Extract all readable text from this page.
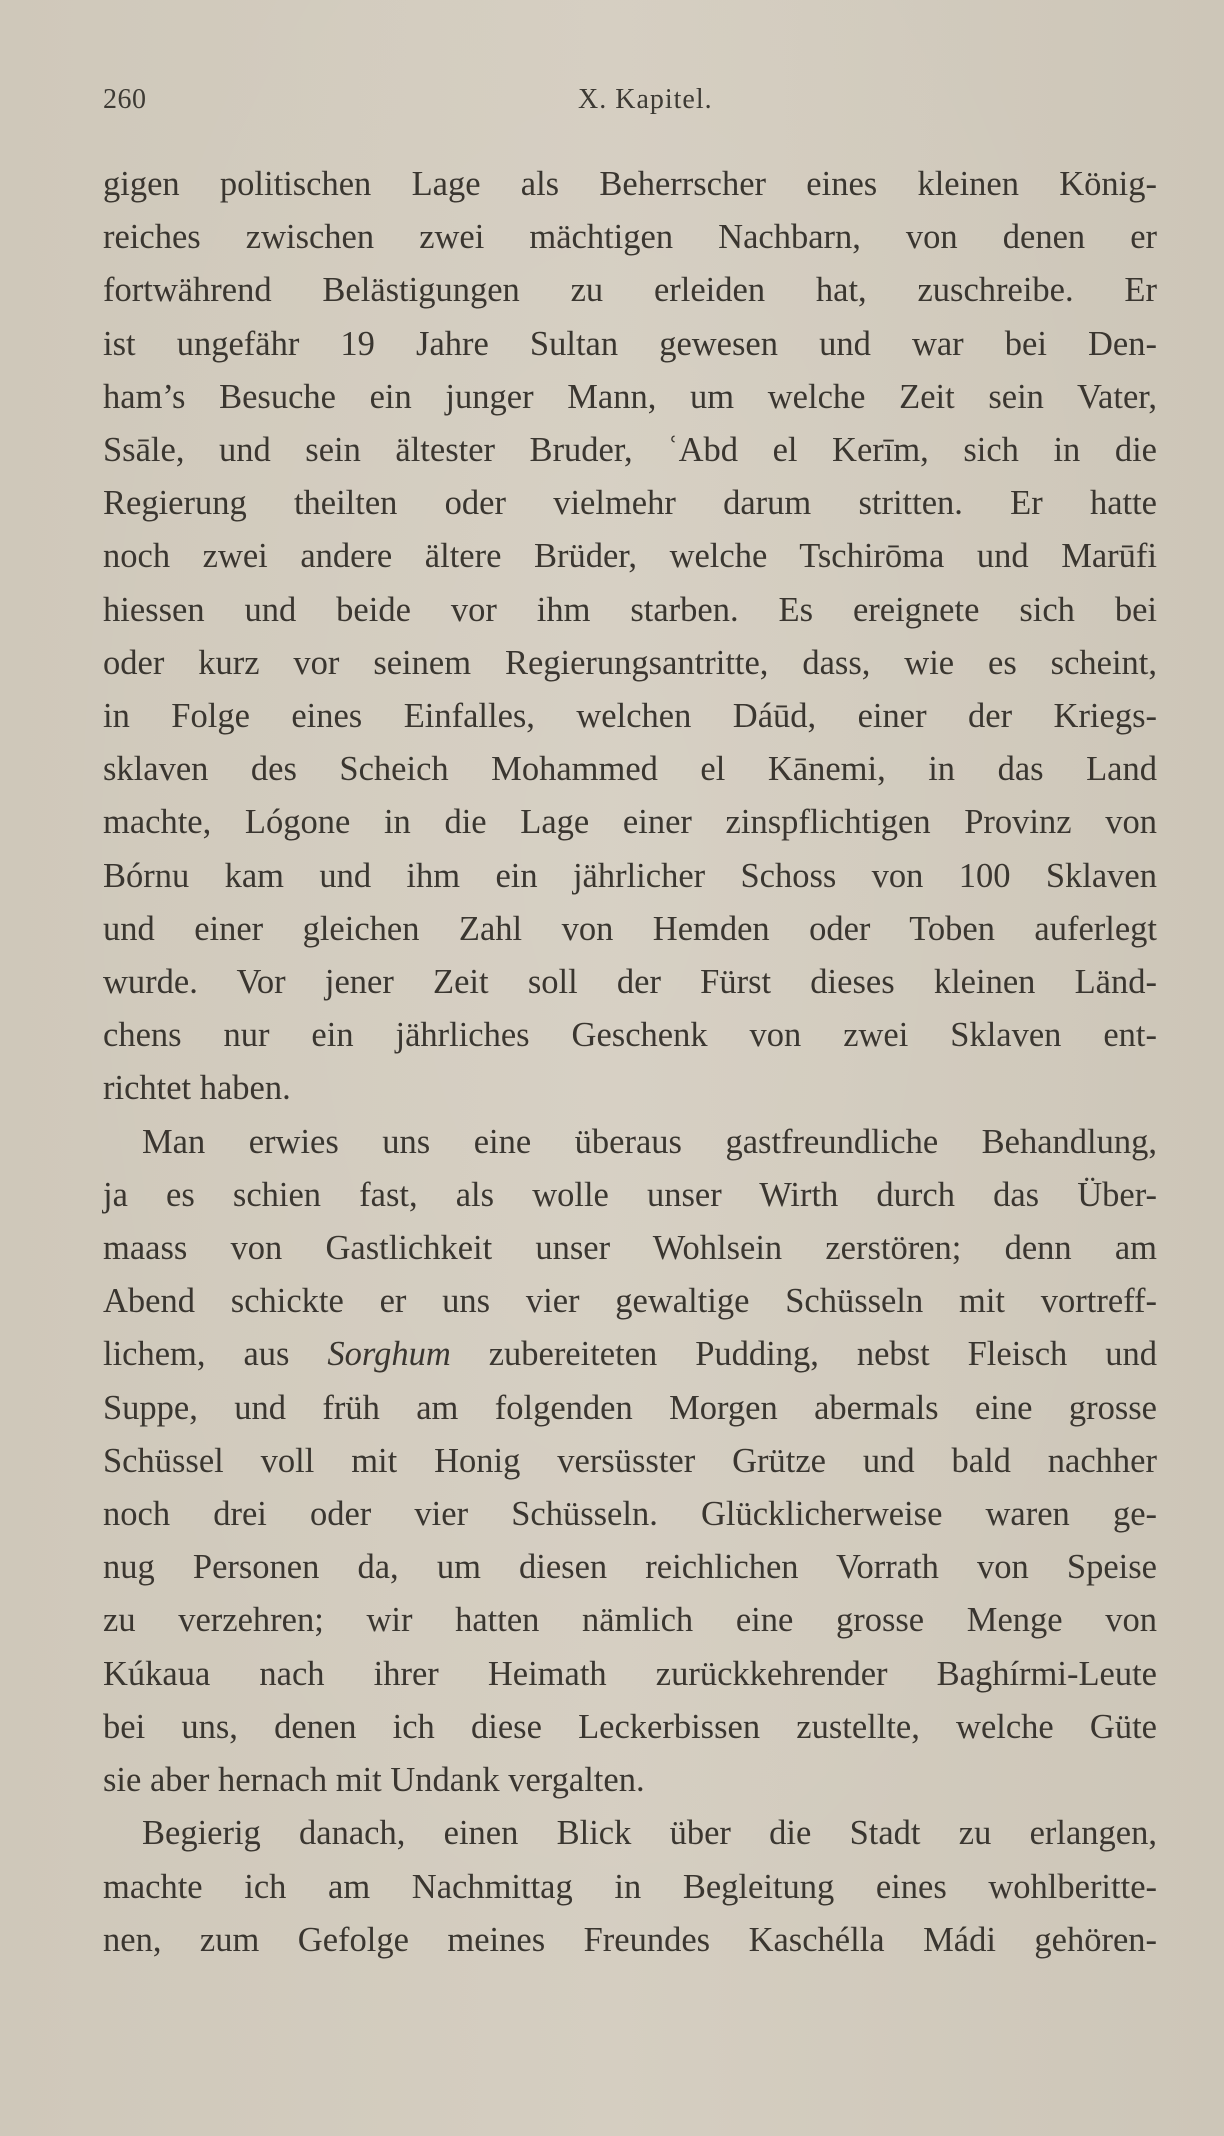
260	X. Kapitel.
gigen politischen Lage als Beherrscher eines kleinen König-
reiches zwischen zwei mächtigen Nachbarn, von denen er
fortwährend Belästigungen zu erleiden hat, zuschreibe. Er
ist ungefähr 19 Jahre Sultan gewesen und war bei Den-
ham’s Besuche ein junger Mann, um welche Zeit sein Vater,
Ssāle, und sein ältester Bruder, ʿAbd el Kerīm, sich in die
Regierung theilten oder vielmehr darum stritten. Er hatte
noch zwei andere ältere Brüder, welche Tschirōma und Marūfi
hiessen und beide vor ihm starben. Es ereignete sich bei
oder kurz vor seinem Regierungsantritte, dass, wie es scheint,
in Folge eines Einfalles, welchen Dáūd, einer der Kriegs-
sklaven des Scheich Mohammed el Kānemi, in das Land
machte, Lógone in die Lage einer zinspflichtigen Provinz von
Bórnu kam und ihm ein jährlicher Schoss von 100 Sklaven
und einer gleichen Zahl von Hemden oder Toben auferlegt
wurde. Vor jener Zeit soll der Fürst dieses kleinen Länd-
chens nur ein jährliches Geschenk von zwei Sklaven ent-
richtet haben.
Man erwies uns eine überaus gastfreundliche Behandlung,
ja es schien fast, als wolle unser Wirth durch das Über-
maass von Gastlichkeit unser Wohlsein zerstören; denn am
Abend schickte er uns vier gewaltige Schüsseln mit vortreff-
lichem, aus Sorghum zubereiteten Pudding, nebst Fleisch und
Suppe, und früh am folgenden Morgen abermals eine grosse
Schüssel voll mit Honig versüsster Grütze und bald nachher
noch drei oder vier Schüsseln. Glücklicherweise waren ge-
nug Personen da, um diesen reichlichen Vorrath von Speise
zu verzehren; wir hatten nämlich eine grosse Menge von
Kúkaua nach ihrer Heimath zurückkehrender Baghírmi-Leute
bei uns, denen ich diese Leckerbissen zustellte, welche Güte
sie aber hernach mit Undank vergalten.
Begierig danach, einen Blick über die Stadt zu erlangen,
machte ich am Nachmittag in Begleitung eines wohlberitte-
nen, zum Gefolge meines Freundes Kaschélla Mádi gehören-
